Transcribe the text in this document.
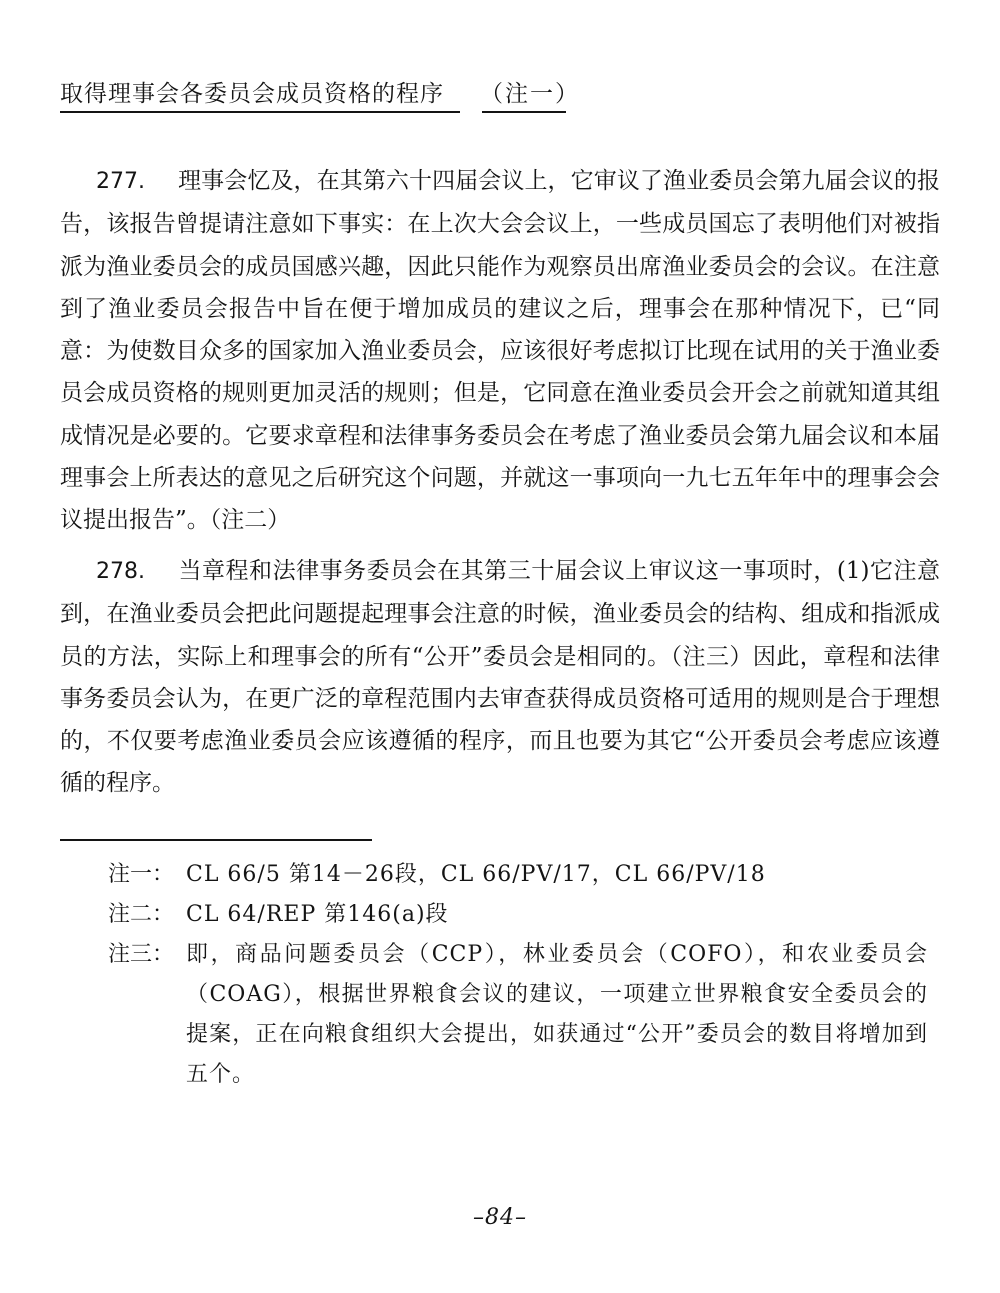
取得理事会各委员会成员资格的程序 （注一）

277. 理事会忆及，在其第六十四届会议上，它审议了渔业委员会第九届会议的报告，该报告曾提请注意如下事实：在上次大会会议上，一些成员国忘了表明他们对被指派为渔业委员会的成员国感兴趣，因此只能作为观察员出席渔业委员会的会议。在注意到了渔业委员会报告中旨在便于增加成员的建议之后，理事会在那种情况下，已“同意：为使数目众多的国家加入渔业委员会，应该很好考虑拟订比现在试用的关于渔业委员会成员资格的规则更加灵活的规则；但是，它同意在渔业委员会开会之前就知道其组成情况是必要的。它要求章程和法律事务委员会在考虑了渔业委员会第九届会议和本届理事会上所表达的意见之后研究这个问题，并就这一事项向一九七五年年中的理事会会议提出报告”。（注二）

278. 当章程和法律事务委员会在其第三十届会议上审议这一事项时，(1)它注意到，在渔业委员会把此问题提起理事会注意的时候，渔业委员会的结构、组成和指派成员的方法，实际上和理事会的所有“公开”委员会是相同的。（注三）因此，章程和法律事务委员会认为，在更广泛的章程范围内去审查获得成员资格可适用的规则是合于理想的，不仅要考虑渔业委员会应该遵循的程序，而且也要为其它“公开委员会考虑应该遵循的程序。

注一： CL 66/5 第14－26段，CL 66/PV/17，CL 66/PV/18
注二： CL 64/REP 第146(a)段
注三： 即，商品问题委员会（CCP），林业委员会（COFO），和农业委员会（COAG），根据世界粮食会议的建议，一项建立世界粮食安全委员会的提案，正在向粮食组织大会提出，如获通过“公开”委员会的数目将增加到五个。
–84–
